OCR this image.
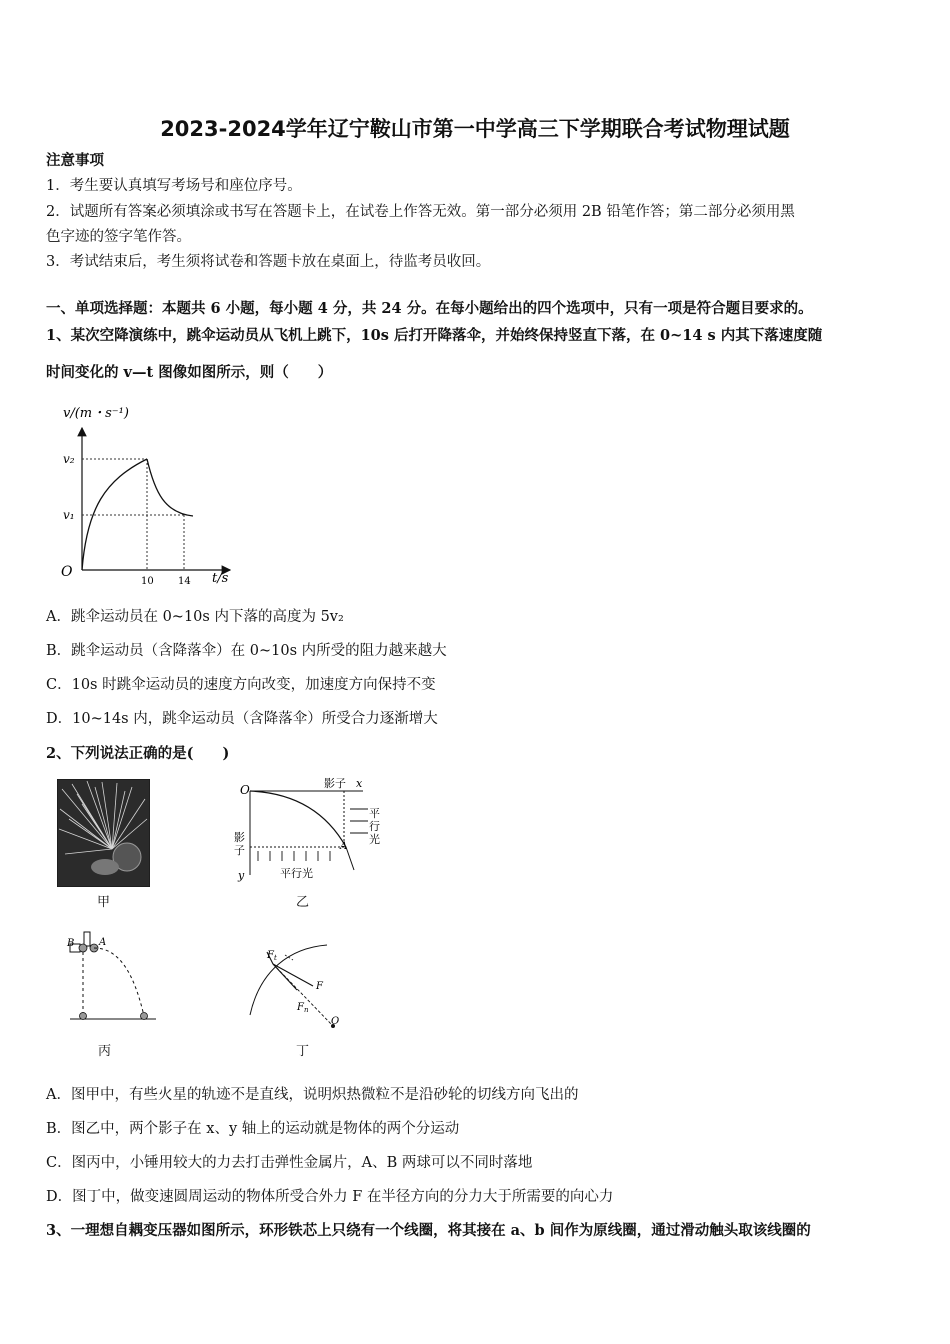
2023-2024学年辽宁鞍山市第一中学高三下学期联合考试物理试题
注意事项
1．考生要认真填写考场号和座位序号。
2．试题所有答案必须填涂或书写在答题卡上，在试卷上作答无效。第一部分必须用 2B 铅笔作答；第二部分必须用黑
色字迹的签字笔作答。
3．考试结束后，考生须将试卷和答题卡放在桌面上，待监考员收回。
一、单项选择题：本题共 6 小题，每小题 4 分，共 24 分。在每小题给出的四个选项中，只有一项是符合题目要求的。
1、某次空降演练中，跳伞运动员从飞机上跳下，10s 后打开降落伞，并始终保持竖直下落，在 0~14 s 内其下落速度随
时间变化的 v—t 图像如图所示，则（　　）
v/(m・s⁻¹)
v₂
v₁
O
10 14 t/s
A．跳伞运动员在 0~10s 内下落的高度为 5v₂
B．跳伞运动员（含降落伞）在 0~10s 内所受的阻力越来越大
C．10s 时跳伞运动员的速度方向改变，加速度方向保持不变
D．10~14s 内，跳伞运动员（含降落伞）所受合力逐渐增大
2、下列说法正确的是(　　)
甲
O	影子 x
平
行
光
影
子	A
y	平行光
乙
B A
丙
$F_t$
F
$F_n$
O
丁
A．图甲中，有些火星的轨迹不是直线，说明炽热微粒不是沿砂轮的切线方向飞出的
B．图乙中，两个影子在 x、y 轴上的运动就是物体的两个分运动
C．图丙中，小锤用较大的力去打击弹性金属片，A、B 两球可以不同时落地
D．图丁中，做变速圆周运动的物体所受合外力 F 在半径方向的分力大于所需要的向心力
3、一理想自耦变压器如图所示，环形铁芯上只绕有一个线圈，将其接在 a、b 间作为原线圈，通过滑动触头取该线圈的
